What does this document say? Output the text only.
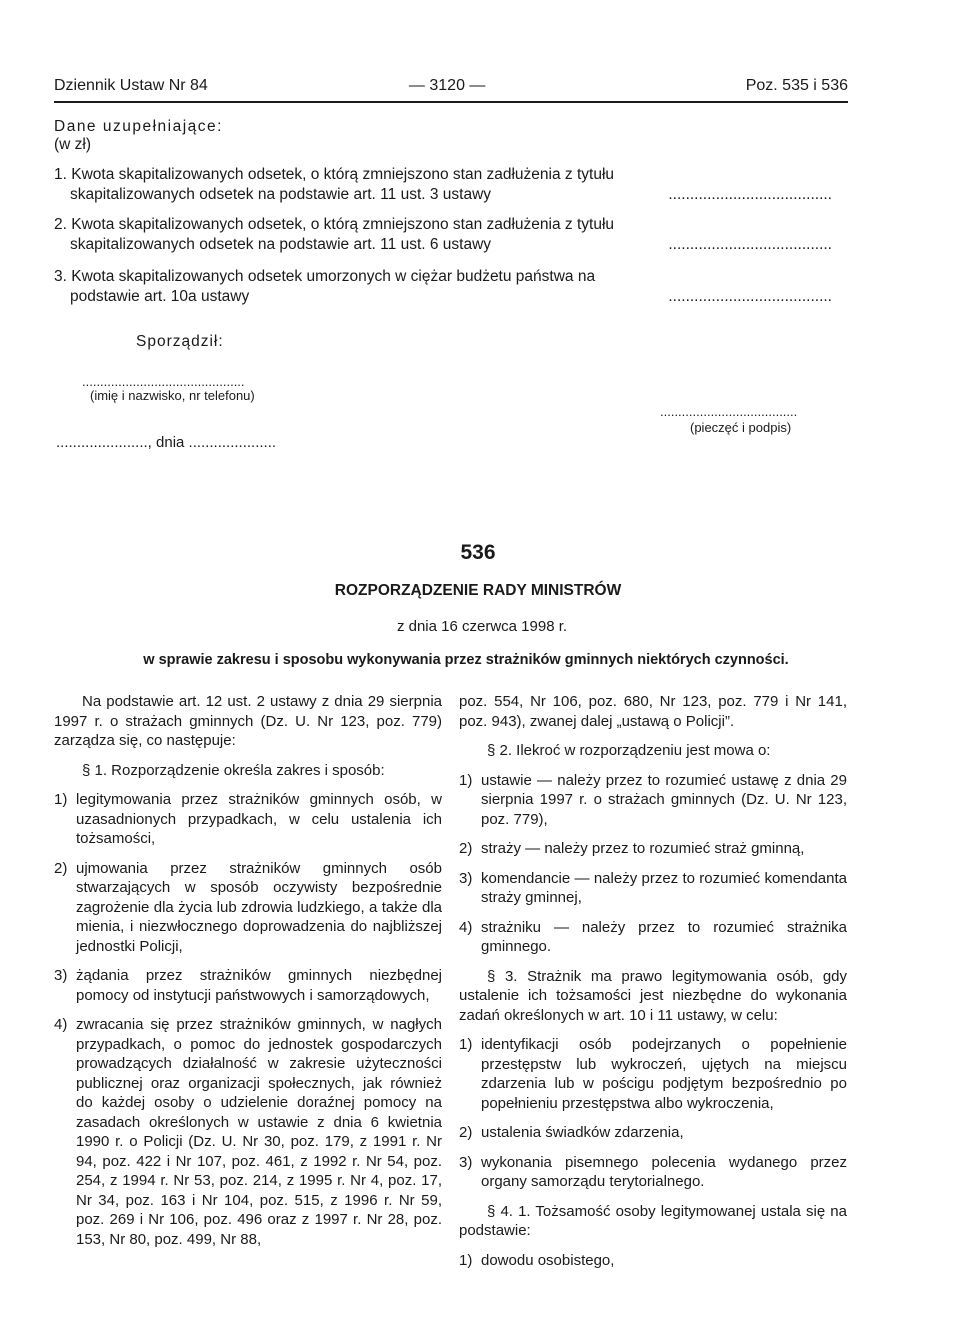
Dziennik Ustaw Nr 84	— 3120 —	Poz. 535 i 536
Dane uzupełniające:
(w zł)
1. Kwota skapitalizowanych odsetek, o którą zmniejszono stan zadłużenia z tytułu skapitalizowanych odsetek na podstawie art. 11 ust. 3 ustawy	......................................
2. Kwota skapitalizowanych odsetek, o którą zmniejszono stan zadłużenia z tytułu skapitalizowanych odsetek na podstawie art. 11 ust. 6 ustawy	......................................
3. Kwota skapitalizowanych odsetek umorzonych w ciężar budżetu państwa na podstawie art. 10a ustawy	......................................
Sporządził:
.............................................
(imię i nazwisko, nr telefonu)
......................, dnia .....................
......................................
(pieczęć i podpis)
536
ROZPORZĄDZENIE RADY MINISTRÓW
z dnia 16 czerwca 1998 r.
w sprawie zakresu i sposobu wykonywania przez strażników gminnych niektórych czynności.

Na podstawie art. 12 ust. 2 ustawy z dnia 29 sierpnia 1997 r. o strażach gminnych (Dz. U. Nr 123, poz. 779) zarządza się, co następuje:

§ 1. Rozporządzenie określa zakres i sposób:

1) legitymowania przez strażników gminnych osób, w uzasadnionych przypadkach, w celu ustalenia ich tożsamości,
2) ujmowania przez strażników gminnych osób stwarzających w sposób oczywisty bezpośrednie zagrożenie dla życia lub zdrowia ludzkiego, a także dla mienia, i niezwłocznego doprowadzenia do najbliższej jednostki Policji,
3) żądania przez strażników gminnych niezbędnej pomocy od instytucji państwowych i samorządowych,
4) zwracania się przez strażników gminnych, w nagłych przypadkach, o pomoc do jednostek gospodarczych prowadzących działalność w zakresie użyteczności publicznej oraz organizacji społecznych, jak również do każdej osoby o udzielenie doraźnej pomocy na zasadach określonych w ustawie z dnia 6 kwietnia 1990 r. o Policji (Dz. U. Nr 30, poz. 179, z 1991 r. Nr 94, poz. 422 i Nr 107, poz. 461, z 1992 r. Nr 54, poz. 254, z 1994 r. Nr 53, poz. 214, z 1995 r. Nr 4, poz. 17, Nr 34, poz. 163 i Nr 104, poz. 515, z 1996 r. Nr 59, poz. 269 i Nr 106, poz. 496 oraz z 1997 r. Nr 28, poz. 153, Nr 80, poz. 499, Nr 88,

poz. 554, Nr 106, poz. 680, Nr 123, poz. 779 i Nr 141, poz. 943), zwanej dalej „ustawą o Policji”.

§ 2. Ilekroć w rozporządzeniu jest mowa o:

1) ustawie — należy przez to rozumieć ustawę z dnia 29 sierpnia 1997 r. o strażach gminnych (Dz. U. Nr 123, poz. 779),
2) straży — należy przez to rozumieć straż gminną,
3) komendancie — należy przez to rozumieć komendanta straży gminnej,
4) strażniku — należy przez to rozumieć strażnika gminnego.

§ 3. Strażnik ma prawo legitymowania osób, gdy ustalenie ich tożsamości jest niezbędne do wykonania zadań określonych w art. 10 i 11 ustawy, w celu:

1) identyfikacji osób podejrzanych o popełnienie przestępstw lub wykroczeń, ujętych na miejscu zdarzenia lub w pościgu podjętym bezpośrednio po popełnieniu przestępstwa albo wykroczenia,
2) ustalenia świadków zdarzenia,
3) wykonania pisemnego polecenia wydanego przez organy samorządu terytorialnego.

§ 4. 1. Tożsamość osoby legitymowanej ustala się na podstawie:

1) dowodu osobistego,
